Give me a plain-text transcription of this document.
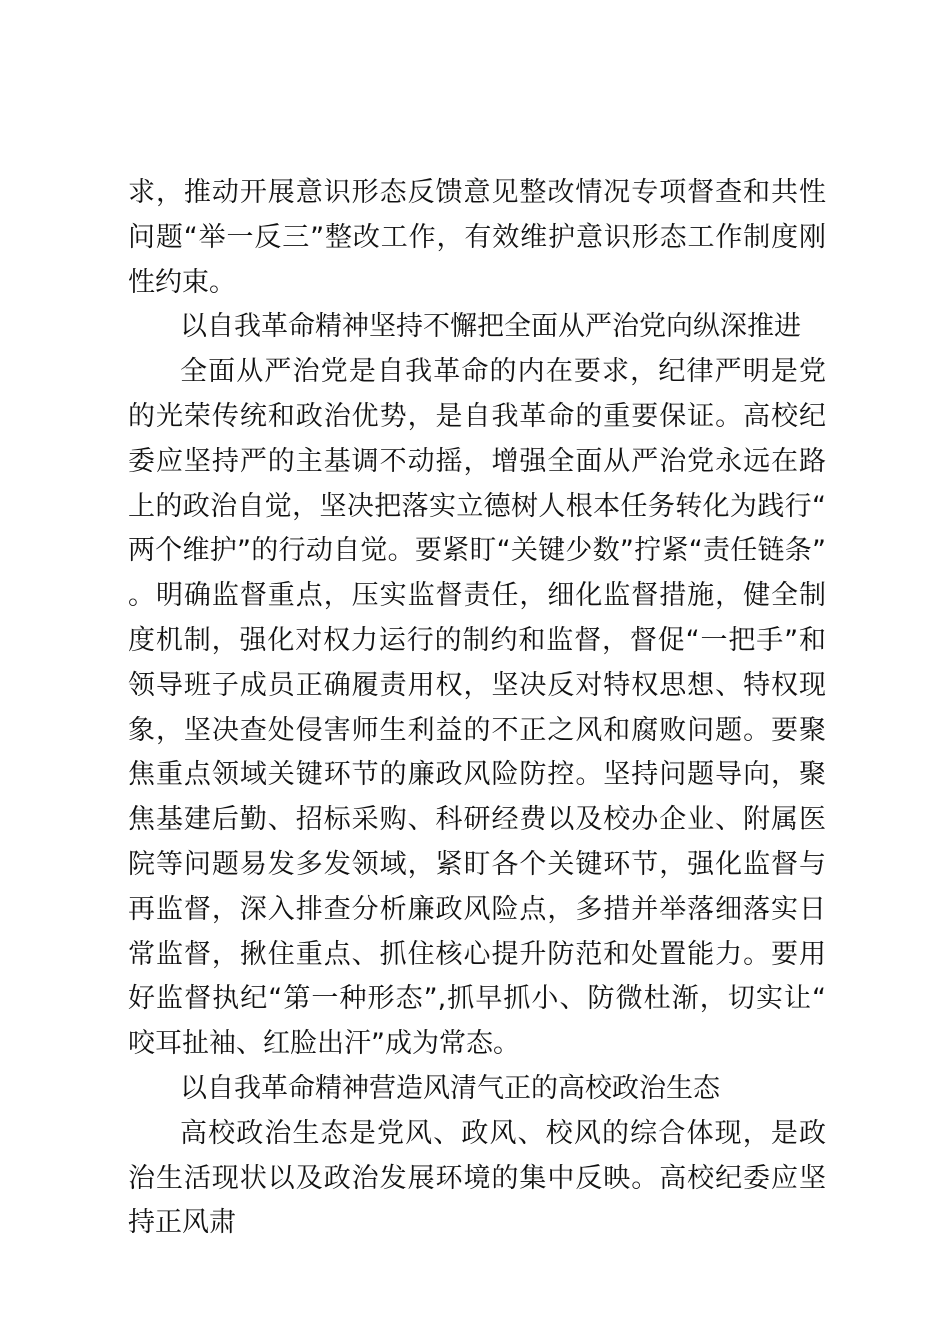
求，推动开展意识形态反馈意见整改情况专项督查和共性问题“举一反三”整改工作，有效维护意识形态工作制度刚性约束。

以自我革命精神坚持不懈把全面从严治党向纵深推进

全面从严治党是自我革命的内在要求，纪律严明是党的光荣传统和政治优势，是自我革命的重要保证。高校纪委应坚持严的主基调不动摇，增强全面从严治党永远在路上的政治自觉，坚决把落实立德树人根本任务转化为践行“两个维护”的行动自觉。要紧盯“关键少数”拧紧“责任链条”。明确监督重点，压实监督责任，细化监督措施，健全制度机制，强化对权力运行的制约和监督，督促“一把手”和领导班子成员正确履责用权，坚决反对特权思想、特权现象，坚决查处侵害师生利益的不正之风和腐败问题。要聚焦重点领域关键环节的廉政风险防控。坚持问题导向，聚焦基建后勤、招标采购、科研经费以及校办企业、附属医院等问题易发多发领域，紧盯各个关键环节，强化监督与再监督，深入排查分析廉政风险点，多措并举落细落实日常监督，揪住重点、抓住核心提升防范和处置能力。要用好监督执纪“第一种形态”,抓早抓小、防微杜渐，切实让“咬耳扯袖、红脸出汗”成为常态。

以自我革命精神营造风清气正的高校政治生态

高校政治生态是党风、政风、校风的综合体现，是政治生活现状以及政治发展环境的集中反映。高校纪委应坚持正风肃
